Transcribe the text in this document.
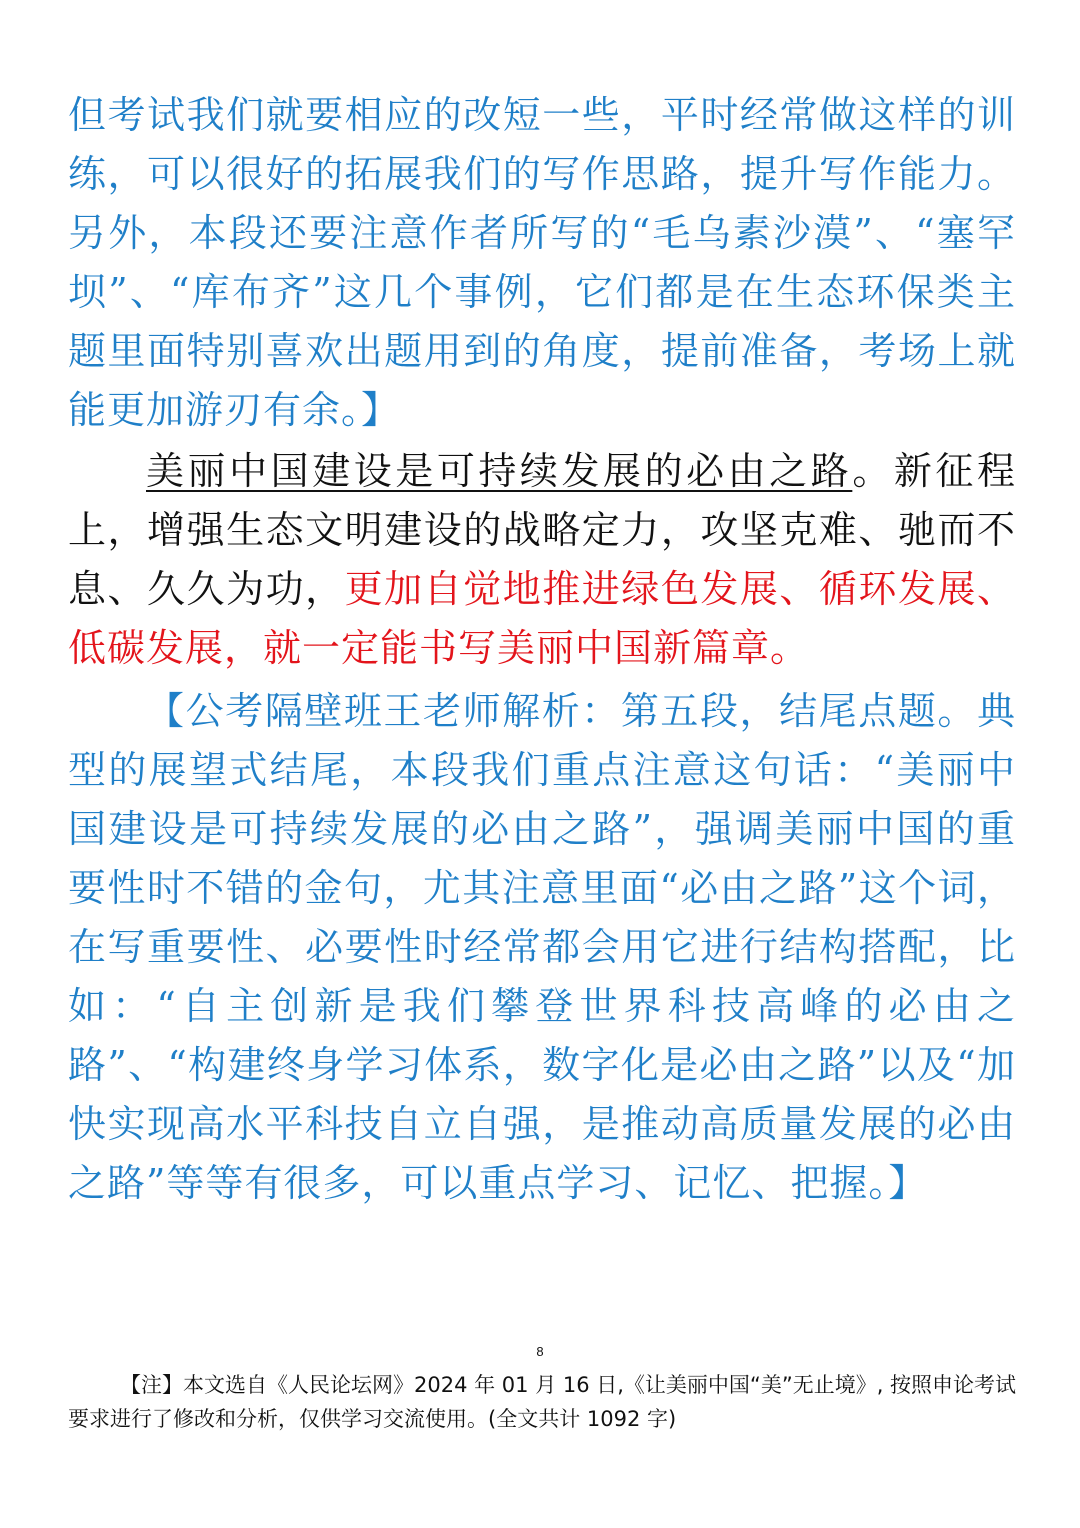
但考试我们就要相应的改短一些，平时经常做这样的训练，可以很好的拓展我们的写作思路，提升写作能力。另外，本段还要注意作者所写的“毛乌素沙漠”、“塞罕坝”、“库布齐”这几个事例，它们都是在生态环保类主题里面特别喜欢出题用到的角度，提前准备，考场上就能更加游刃有余。】

美丽中国建设是可持续发展的必由之路。新征程上，增强生态文明建设的战略定力，攻坚克难、驰而不息、久久为功，更加自觉地推进绿色发展、循环发展、低碳发展，就一定能书写美丽中国新篇章。

【公考隔壁班王老师解析：第五段，结尾点题。典型的展望式结尾，本段我们重点注意这句话：“美丽中国建设是可持续发展的必由之路”，强调美丽中国的重要性时不错的金句，尤其注意里面“必由之路”这个词，在写重要性、必要性时经常都会用它进行结构搭配，比如：“自主创新是我们攀登世界科技高峰的必由之路”、“构建终身学习体系，数字化是必由之路”以及“加快实现高水平科技自立自强，是推动高质量发展的必由之路”等等有很多，可以重点学习、记忆、把握。】

8

【注】本文选自《人民论坛网》2024 年 01 月 16 日,《让美丽中国“美”无止境》, 按照申论考试要求进行了修改和分析，仅供学习交流使用。(全文共计 1092 字)
